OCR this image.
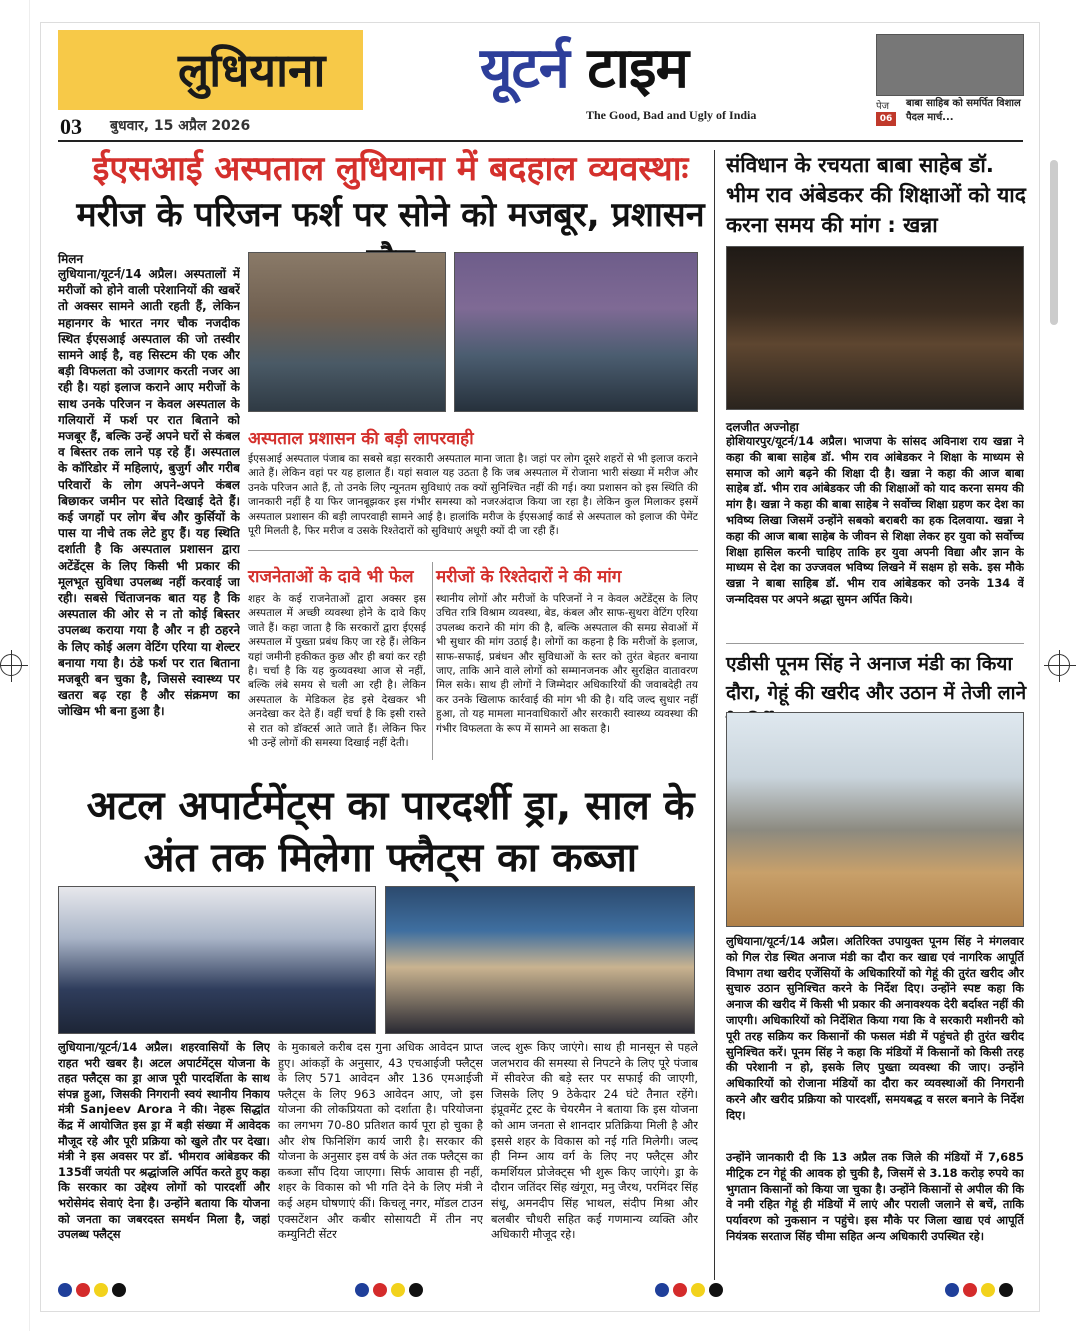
लुधियाना	यूटर्न टाइम
The Good, Bad and Ugly of India
03 बुधवार, 15 अप्रैल 2026
पेज
06
बाबा साहिब को समर्पित विशाल पैदल मार्च...
ईएसआई अस्पताल लुधियाना में बदहाल व्यवस्थाः मरीज के परिजन फर्श पर सोने को मजबूर, प्रशासन
मिलन
लुधियाना/यूटर्न/14 अप्रैल। अस्पतालों में मरीजों को होने वाली परेशानियों की खबरें तो अक्सर सामने आती रहती हैं, लेकिन महानगर के भारत नगर चौक नजदीक स्थित ईएसआई अस्पताल की जो तस्वीर सामने आई है, वह सिस्टम की एक और बड़ी विफलता को उजागर करती नजर आ रही है। यहां इलाज कराने आए मरीजों के साथ उनके परिजन न केवल अस्पताल के गलियारों में फर्श पर रात बिताने को मजबूर हैं, बल्कि उन्हें अपने घरों से कंबल व बिस्तर तक लाने पड़ रहे हैं। अस्पताल के कॉरिडोर में महिलाएं, बुजुर्ग और गरीब परिवारों के लोग अपने-अपने कंबल बिछाकर जमीन पर सोते दिखाई देते हैं। कई जगहों पर लोग बेंच और कुर्सियों के पास या नीचे तक लेटे हुए हैं। यह स्थिति दर्शाती है कि अस्पताल प्रशासन द्वारा अटेंडेंट्स के लिए किसी भी प्रकार की मूलभूत सुविधा उपलब्ध नहीं करवाई जा रही। सबसे चिंताजनक बात यह है कि अस्पताल की ओर से न तो कोई बिस्तर उपलब्ध कराया गया है और न ही ठहरने के लिए कोई अलग वेटिंग एरिया या शेल्टर बनाया गया है। ठंडे फर्श पर रात बिताना मजबूरी बन चुका है, जिससे स्वास्थ्य पर खतरा बढ़ रहा है और संक्रमण का जोखिम भी बना हुआ है।
अस्पताल प्रशासन की बड़ी लापरवाही
ईएसआई अस्पताल पंजाब का सबसे बड़ा सरकारी अस्पताल माना जाता है। जहां पर लोग दूसरे शहरों से भी इलाज कराने आते हैं। लेकिन वहां पर यह हालात हैं। यहां सवाल यह उठता है कि जब अस्पताल में रोजाना भारी संख्या में मरीज और उनके परिजन आते हैं, तो उनके लिए न्यूनतम सुविधाएं तक क्यों सुनिश्चित नहीं की गई। क्या प्रशासन को इस स्थिति की जानकारी नहीं है या फिर जानबूझकर इस गंभीर समस्या को नजरअंदाज किया जा रहा है। लेकिन कुल मिलाकर इसमें अस्पताल प्रशासन की बड़ी लापरवाही सामने आई है। हालांकि मरीज के ईएसआई कार्ड से अस्पताल को इलाज की पेमेंट पूरी मिलती है, फिर मरीज व उसके रिश्तेदारों को सुविधाएं अधूरी क्यों दी जा रही हैं।
राजनेताओं के दावे भी फेल
शहर के कई राजनेताओं द्वारा अक्सर इस अस्पताल में अच्छी व्यवस्था होने के दावे किए जाते हैं। कहा जाता है कि सरकारों द्वारा ईएसई अस्पताल में पुख्ता प्रबंध किए जा रहे हैं। लेकिन यहां जमीनी हकीकत कुछ और ही बयां कर रही है। चर्चा है कि यह कुव्यवस्था आज से नहीं, बल्कि लंबे समय से चली आ रही है। लेकिन अस्पताल के मेडिकल हेड इसे देखकर भी अनदेखा कर देते हैं। वहीं चर्चा है कि इसी रास्ते से रात को डॉक्टर्स आते जाते हैं। लेकिन फिर भी उन्हें लोगों की समस्या दिखाई नहीं देती।
मरीजों के रिश्तेदारों ने की मांग
स्थानीय लोगों और मरीजों के परिजनों ने न केवल अटेंडेंट्स के लिए उचित रात्रि विश्राम व्यवस्था, बेड, कंबल और साफ-सुथरा वेटिंग एरिया उपलब्ध कराने की मांग की है, बल्कि अस्पताल की समग्र सेवाओं में भी सुधार की मांग उठाई है। लोगों का कहना है कि मरीजों के इलाज, साफ-सफाई, प्रबंधन और सुविधाओं के स्तर को तुरंत बेहतर बनाया जाए, ताकि आने वाले लोगों को सम्मानजनक और सुरक्षित वातावरण मिल सके। साथ ही लोगों ने जिम्मेदार अधिकारियों की जवाबदेही तय कर उनके खिलाफ कार्रवाई की मांग भी की है। यदि जल्द सुधार नहीं हुआ, तो यह मामला मानवाधिकारों और सरकारी स्वास्थ्य व्यवस्था की गंभीर विफलता के रूप में सामने आ सकता है।
अटल अपार्टमेंट्स का पारदर्शी ड्रा, साल के अंत तक मिलेगा फ्लैट्स का कब्जा
लुधियाना/यूटर्न/14 अप्रैल। शहरवासियों के लिए राहत भरी खबर है। अटल अपार्टमेंट्स योजना के तहत फ्लैट्स का ड्रा आज पूरी पारदर्शिता के साथ संपन्न हुआ, जिसकी निगरानी स्वयं स्थानीय निकाय मंत्री Sanjeev Arora ने की। नेहरू सिद्धांत केंद्र में आयोजित इस ड्रा में बड़ी संख्या में आवेदक मौजूद रहे और पूरी प्रक्रिया को खुले तौर पर देखा। मंत्री ने इस अवसर पर डॉ. भीमराव आंबेडकर की 135वीं जयंती पर श्रद्धांजलि अर्पित करते हुए कहा कि सरकार का उद्देश्य लोगों को पारदर्शी और भरोसेमंद सेवाएं देना है। उन्होंने बताया कि योजना को जनता का जबरदस्त समर्थन मिला है, जहां उपलब्ध फ्लैट्स
के मुकाबले करीब दस गुना अधिक आवेदन प्राप्त हुए। आंकड़ों के अनुसार, 43 एचआईजी फ्लैट्स के लिए 571 आवेदन और 136 एमआईजी फ्लैट्स के लिए 963 आवेदन आए, जो इस योजना की लोकप्रियता को दर्शाता है। परियोजना का लगभग 70-80 प्रतिशत कार्य पूरा हो चुका है और शेष फिनिशिंग कार्य जारी है। सरकार की योजना के अनुसार इस वर्ष के अंत तक फ्लैट्स का कब्जा सौंप दिया जाएगा। सिर्फ आवास ही नहीं, शहर के विकास को भी गति देने के लिए मंत्री ने कई अहम घोषणाएं कीं। किचलू नगर, मॉडल टाउन एक्सटेंशन और कबीर सोसायटी में तीन नए कम्युनिटी सेंटर
जल्द शुरू किए जाएंगे। साथ ही मानसून से पहले जलभराव की समस्या से निपटने के लिए पूरे पंजाब में सीवरेज की बड़े स्तर पर सफाई की जाएगी, जिसके लिए 9 ठेकेदार 24 घंटे तैनात रहेंगे। इंप्रूवमेंट ट्रस्ट के चेयरमैन ने बताया कि इस योजना को आम जनता से शानदार प्रतिक्रिया मिली है और इससे शहर के विकास को नई गति मिलेगी। जल्द ही निम्न आय वर्ग के लिए नए फ्लैट्स और कमर्शियल प्रोजेक्ट्स भी शुरू किए जाएंगे। ड्रा के दौरान जतिंदर सिंह खंगूरा, मनु जैरथ, परमिंदर सिंह संधू, अमनदीप सिंह भाथल, संदीप मिश्रा और बलबीर चौधरी सहित कई गणमान्य व्यक्ति और अधिकारी मौजूद रहे।
संविधान के रचयता बाबा साहेब डॉ. भीम राव अंबेडकर की शिक्षाओं को याद करना समय की मांग : खन्ना
दलजीत अज्नोहा
होशियारपुर/यूटर्न/14 अप्रैल। भाजपा के सांसद अविनाश राय खन्ना ने कहा की बाबा साहेब डॉ. भीम राव आंबेडकर ने शिक्षा के माध्यम से समाज को आगे बढ़ने की शिक्षा दी है। खन्ना ने कहा की आज बाबा साहेब डॉ. भीम राव आंबेडकर जी की शिक्षाओं को याद करना समय की मांग है। खन्ना ने कहा की बाबा साहेब ने सर्वोच्च शिक्षा ग्रहण कर देश का भविष्य लिखा जिसमें उन्होंने सबको बराबरी का हक दिलवाया. खन्ना ने कहा की आज बाबा साहेब के जीवन से शिक्षा लेकर हर युवा को सर्वोच्च शिक्षा हासिल करनी चाहिए ताकि हर युवा अपनी विद्या और ज्ञान के माध्यम से देश का उज्जवल भविष्य लिखने में सक्षम हो सके. इस मौके खन्ना ने बाबा साहिब डॉ. भीम राव आंबेडकर को उनके 134 वें जन्मदिवस पर अपने श्रद्धा सुमन अर्पित किये।
एडीसी पूनम सिंह ने अनाज मंडी का किया दौरा, गेहूं की खरीद और उठान में तेजी लाने
लुधियाना/यूटर्न/14 अप्रैल। अतिरिक्त उपायुक्त पूनम सिंह ने मंगलवार को गिल रोड स्थित अनाज मंडी का दौरा कर खाद्य एवं नागरिक आपूर्ति विभाग तथा खरीद एजेंसियों के अधिकारियों को गेहूं की तुरंत खरीद और सुचारु उठान सुनिश्चित करने के निर्देश दिए। उन्होंने स्पष्ट कहा कि अनाज की खरीद में किसी भी प्रकार की अनावश्यक देरी बर्दाश्त नहीं की जाएगी। अधिकारियों को निर्देशित किया गया कि वे सरकारी मशीनरी को पूरी तरह सक्रिय कर किसानों की फसल मंडी में पहुंचते ही तुरंत खरीद सुनिश्चित करें। पूनम सिंह ने कहा कि मंडियों में किसानों को किसी तरह की परेशानी न हो, इसके लिए पुख्ता व्यवस्था की जाए। उन्होंने अधिकारियों को रोजाना मंडियों का दौरा कर व्यवस्थाओं की निगरानी करने और खरीद प्रक्रिया को पारदर्शी, समयबद्ध व सरल बनाने के निर्देश दिए।
उन्होंने जानकारी दी कि 13 अप्रैल तक जिले की मंडियों में 7,685 मीट्रिक टन गेहूं की आवक हो चुकी है, जिसमें से 3.18 करोड़ रुपये का भुगतान किसानों को किया जा चुका है। उन्होंने किसानों से अपील की कि वे नमी रहित गेहूं ही मंडियों में लाएं और पराली जलाने से बचें, ताकि पर्यावरण को नुकसान न पहुंचे। इस मौके पर जिला खाद्य एवं आपूर्ति नियंत्रक सरताज सिंह चीमा सहित अन्य अधिकारी उपस्थित रहे।
